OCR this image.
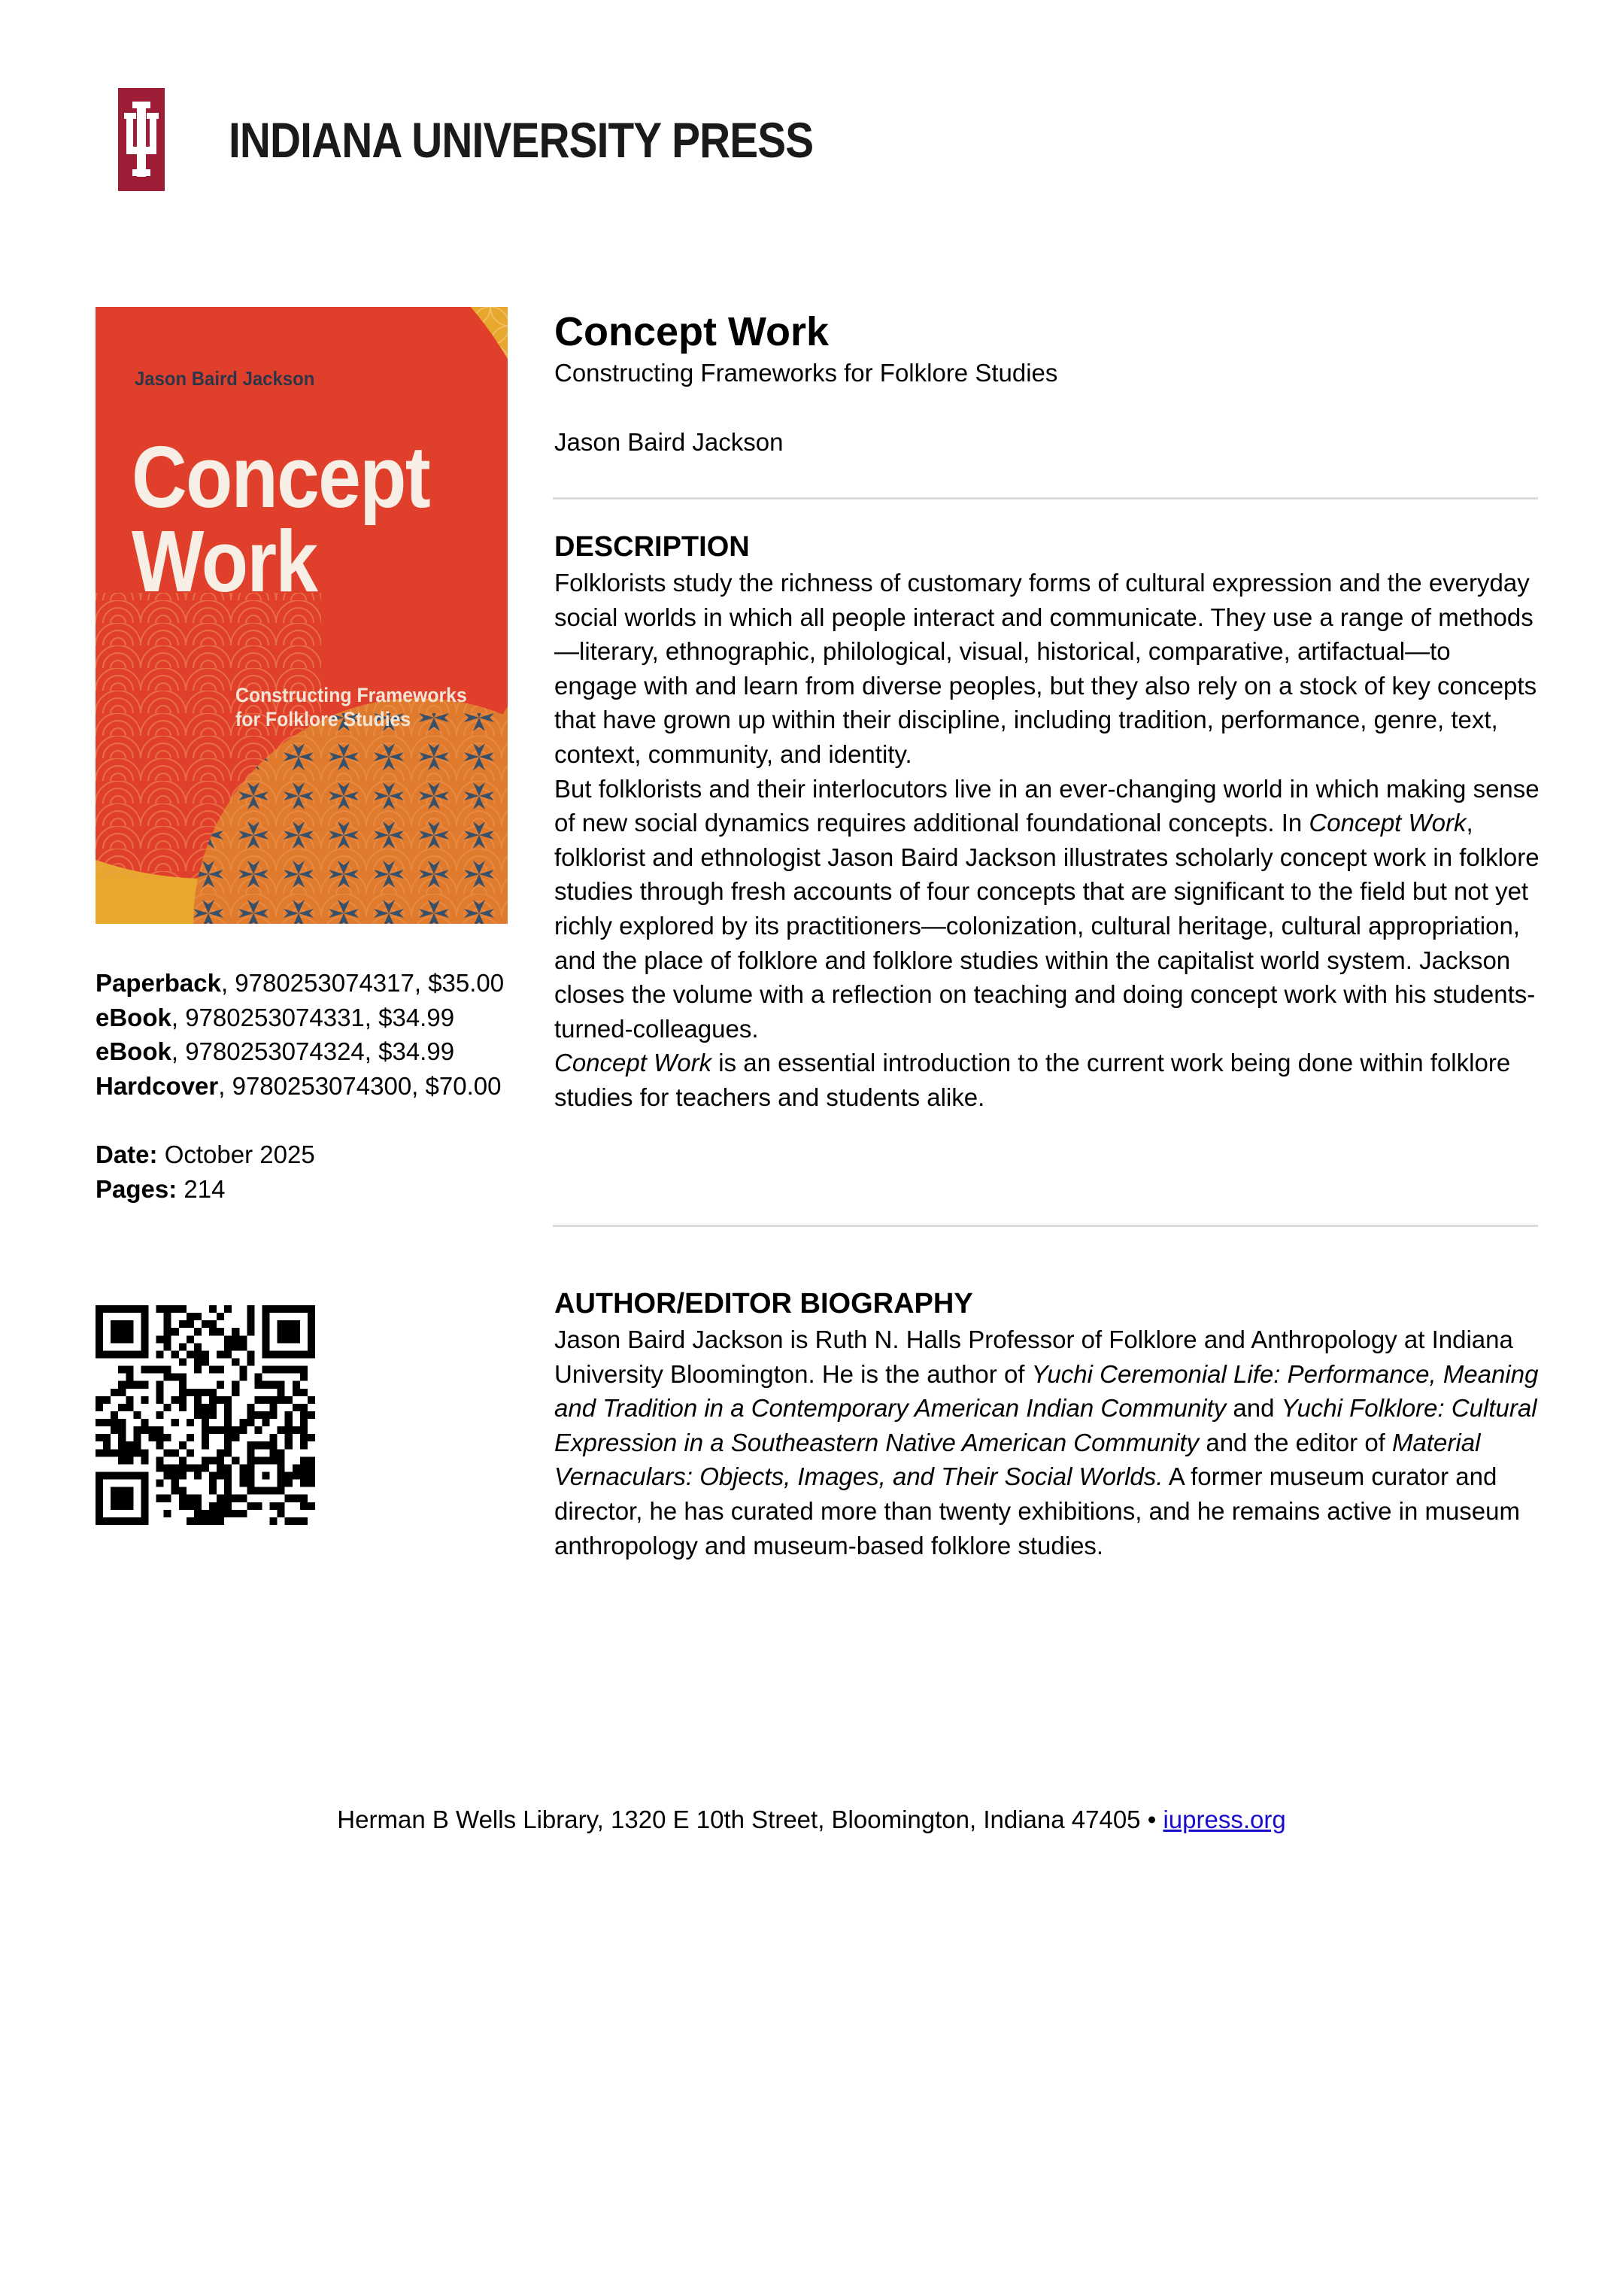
INDIANA UNIVERSITY PRESS
Jason Baird Jackson
Concept
Work
Constructing Frameworks
for Folklore Studies
Paperback, 9780253074317, $35.00
eBook, 9780253074331, $34.99
eBook, 9780253074324, $34.99
Hardcover, 9780253074300, $70.00
Date: October 2025
Pages: 214
Concept Work
Constructing Frameworks for Folklore Studies
Jason Baird Jackson
DESCRIPTION

Folklorists study the richness of customary forms of cultural expression and the everyday social worlds in which all people interact and communicate. They use a range of methods—literary, ethnographic, philological, visual, historical, comparative, artifactual—to engage with and learn from diverse peoples, but they also rely on a stock of key concepts that have grown up within their discipline, including tradition, performance, genre, text, context, community, and identity.

But folklorists and their interlocutors live in an ever-changing world in which making sense of new social dynamics requires additional foundational concepts. In Concept Work, folklorist and ethnologist Jason Baird Jackson illustrates scholarly concept work in folklore studies through fresh accounts of four concepts that are significant to the field but not yet richly explored by its practitioners—colonization, cultural heritage, cultural appropriation, and the place of folklore and folklore studies within the capitalist world system. Jackson closes the volume with a reflection on teaching and doing concept work with his students-turned-colleagues.

Concept Work is an essential introduction to the current work being done within folklore studies for teachers and students alike.

AUTHOR/EDITOR BIOGRAPHY

Jason Baird Jackson is Ruth N. Halls Professor of Folklore and Anthropology at Indiana University Bloomington. He is the author of Yuchi Ceremonial Life: Performance, Meaning and Tradition in a Contemporary American Indian Community and Yuchi Folklore: Cultural Expression in a Southeastern Native American Community and the editor of Material Vernaculars: Objects, Images, and Their Social Worlds. A former museum curator and director, he has curated more than twenty exhibitions, and he remains active in museum anthropology and museum-based folklore studies.

Herman B Wells Library, 1320 E 10th Street, Bloomington, Indiana 47405 • iupress.org
